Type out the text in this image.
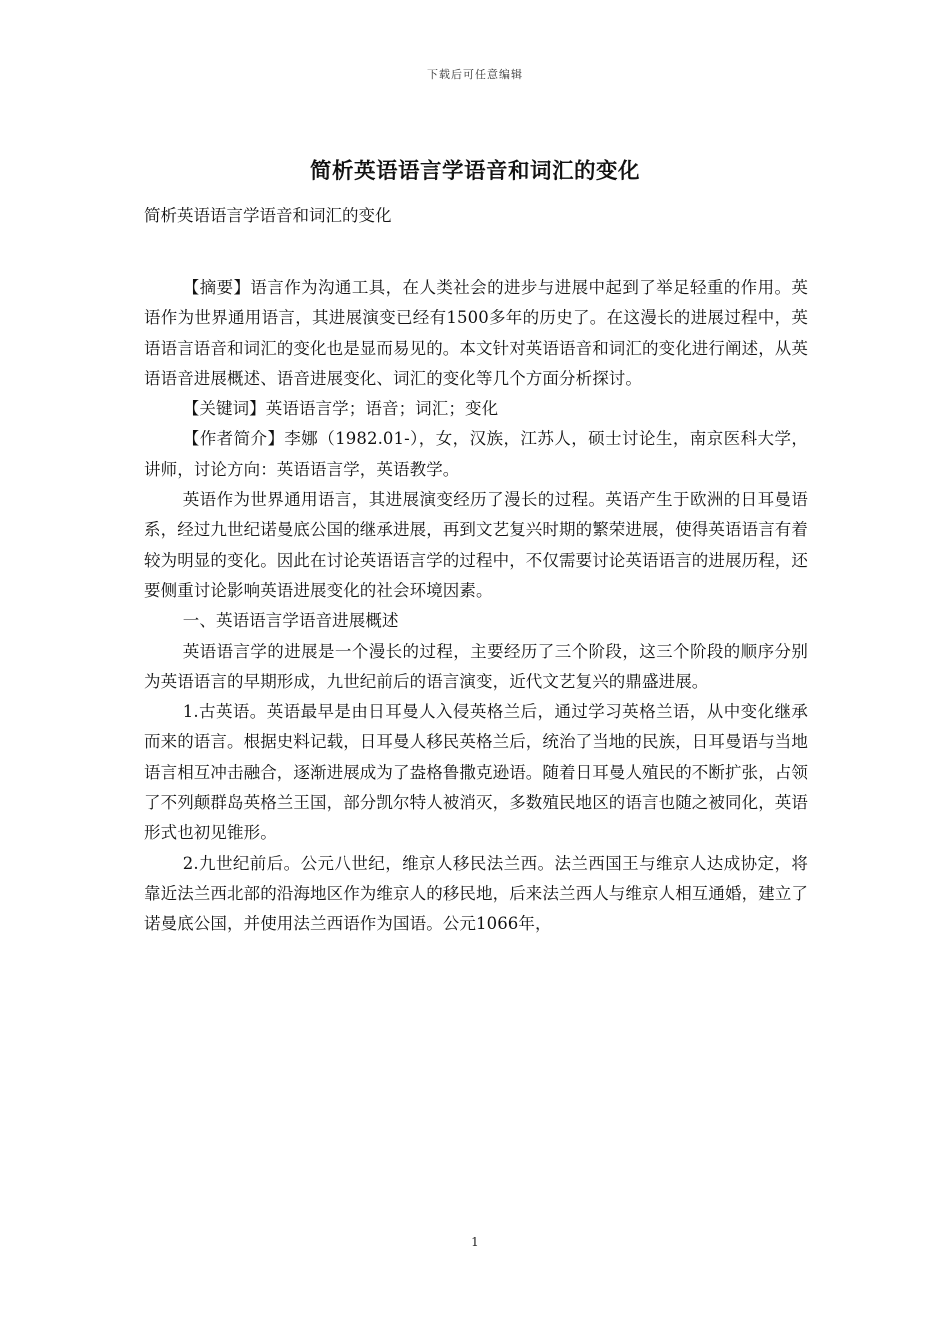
下载后可任意编辑
简析英语语言学语音和词汇的变化
简析英语语言学语音和词汇的变化

【摘要】语言作为沟通工具，在人类社会的进步与进展中起到了举足轻重的作用。英语作为世界通用语言，其进展演变已经有1500多年的历史了。在这漫长的进展过程中，英语语言语音和词汇的变化也是显而易见的。本文针对英语语音和词汇的变化进行阐述，从英语语音进展概述、语音进展变化、词汇的变化等几个方面分析探讨。

【关键词】英语语言学；语音；词汇；变化

【作者简介】李娜（1982.01-），女，汉族，江苏人，硕士讨论生，南京医科大学，讲师，讨论方向：英语语言学，英语教学。

英语作为世界通用语言，其进展演变经历了漫长的过程。英语产生于欧洲的日耳曼语系，经过九世纪诺曼底公国的继承进展，再到文艺复兴时期的繁荣进展，使得英语语言有着较为明显的变化。因此在讨论英语语言学的过程中，不仅需要讨论英语语言的进展历程，还要侧重讨论影响英语进展变化的社会环境因素。

一、英语语言学语音进展概述

英语语言学的进展是一个漫长的过程，主要经历了三个阶段，这三个阶段的顺序分别为英语语言的早期形成，九世纪前后的语言演变，近代文艺复兴的鼎盛进展。

1.古英语。英语最早是由日耳曼人入侵英格兰后，通过学习英格兰语，从中变化继承而来的语言。根据史料记载，日耳曼人移民英格兰后，统治了当地的民族，日耳曼语与当地语言相互冲击融合，逐渐进展成为了盎格鲁撒克逊语。随着日耳曼人殖民的不断扩张，占领了不列颠群岛英格兰王国，部分凯尔特人被消灭，多数殖民地区的语言也随之被同化，英语形式也初见锥形。

2.九世纪前后。公元八世纪，维京人移民法兰西。法兰西国王与维京人达成协定，将靠近法兰西北部的沿海地区作为维京人的移民地，后来法兰西人与维京人相互通婚，建立了诺曼底公国，并使用法兰西语作为国语。公元1066年，

1
